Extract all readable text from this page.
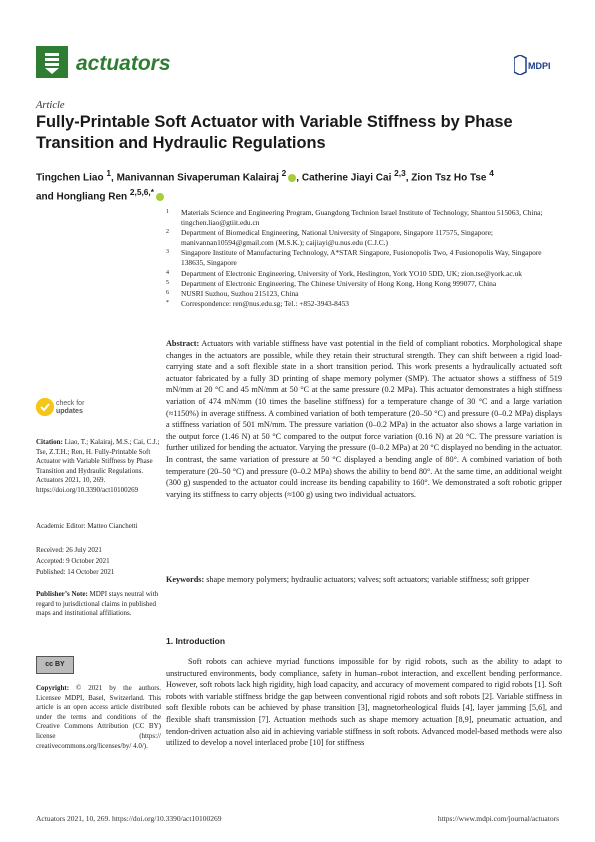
actuators	MDPI
Article
Fully-Printable Soft Actuator with Variable Stiffness by Phase Transition and Hydraulic Regulations
Tingchen Liao $^1$, Manivannan Sivaperuman Kalairaj $^2$ , Catherine Jiayi Cai $^{2,3}$, Zion Tsz Ho Tse $^4$
and Hongliang Ren $^{2,5,6,*}$
1 Materials Science and Engineering Program, Guangdong Technion Israel Institute of Technology, Shantou 515063, China; tingchen.liao@gtiit.edu.cn
2 Department of Biomedical Engineering, National University of Singapore, Singapore 117575, Singapore; manivannan10594@gmail.com (M.S.K.); caijiayi@u.nus.edu (C.J.C.)
3 Singapore Institute of Manufacturing Technology, A*STAR Singapore, Fusionopolis Two, 4 Fusionopolis Way, Singapore 138635, Singapore
4 Department of Electronic Engineering, University of York, Heslington, York YO10 5DD, UK; zion.tse@york.ac.uk
5 Department of Electronic Engineering, The Chinese University of Hong Kong, Hong Kong 999077, China
6 NUSRI Suzhou, Suzhou 215123, China
* Correspondence: ren@nus.edu.sg; Tel.: +852-3943-8453
check for
updates
Citation: Liao, T.; Kalairaj, M.S.; Cai, C.J.; Tse, Z.T.H.; Ren, H. Fully-Printable Soft Actuator with Variable Stiffness by Phase Transition and Hydraulic Regulations. Actuators 2021, 10, 269. https://doi.org/10.3390/act10100269
Academic Editor: Matteo Cianchetti
Received: 26 July 2021
Accepted: 9 October 2021
Published: 14 October 2021
Publisher’s Note: MDPI stays neutral with regard to jurisdictional claims in published maps and institutional affiliations.
cc BY
Copyright: © 2021 by the authors. Licensee MDPI, Basel, Switzerland. This article is an open access article distributed under the terms and conditions of the Creative Commons Attribution (CC BY) license (https:// creativecommons.org/licenses/by/ 4.0/).
Abstract: Actuators with variable stiffness have vast potential in the field of compliant robotics. Morphological shape changes in the actuators are possible, while they retain their structural strength. They can shift between a rigid load-carrying state and a soft flexible state in a short transition period. This work presents a hydraulically actuated soft actuator fabricated by a fully 3D printing of shape memory polymer (SMP). The actuator shows a stiffness of 519 mN/mm at 20 °C and 45 mN/mm at 50 °C at the same pressure (0.2 MPa). This actuator demonstrates a high stiffness variation of 474 mN/mm (10 times the baseline stiffness) for a temperature change of 30 °C and a large variation (≈1150%) in average stiffness. A combined variation of both temperature (20–50 °C) and pressure (0–0.2 MPa) displays a stiffness variation of 501 mN/mm. The pressure variation (0–0.2 MPa) in the actuator also shows a large variation in the output force (1.46 N) at 50 °C compared to the output force variation (0.16 N) at 20 °C. The pressure variation is further utilized for bending the actuator. Varying the pressure (0–0.2 MPa) at 20 °C displayed no bending in the actuator. In contrast, the same variation of pressure at 50 °C displayed a bending angle of 80°. A combined variation of both temperature (20–50 °C) and pressure (0–0.2 MPa) shows the ability to bend 80°. At the same time, an additional weight (300 g) suspended to the actuator could increase its bending capability to 160°. We demonstrated a soft robotic gripper varying its stiffness to carry objects (≈100 g) using two individual actuators.
Keywords: shape memory polymers; hydraulic actuators; valves; soft actuators; variable stiffness; soft gripper
1. Introduction
Soft robots can achieve myriad functions impossible for by rigid robots, such as the ability to adapt to unstructured environments, body compliance, safety in human–robot interaction, and excellent bending performance. However, soft robots lack high rigidity, high load capacity, and accuracy of movement compared to rigid robots [1]. Soft robots with variable stiffness bridge the gap between conventional rigid robots and soft robots [2]. Variable stiffness in soft flexible robots can be achieved by phase transition [3], magnetorheological fluids [4], layer jamming [5,6], and flexible shaft transmission [7]. Actuation methods such as shape memory actuation [8,9], pneumatic actuation, and tendon-driven actuation also aid in achieving variable stiffness in soft robots. Advanced model-based methods were also utilized to develop a novel interlaced probe [10] for stiffness
Actuators 2021, 10, 269. https://doi.org/10.3390/act10100269	https://www.mdpi.com/journal/actuators
